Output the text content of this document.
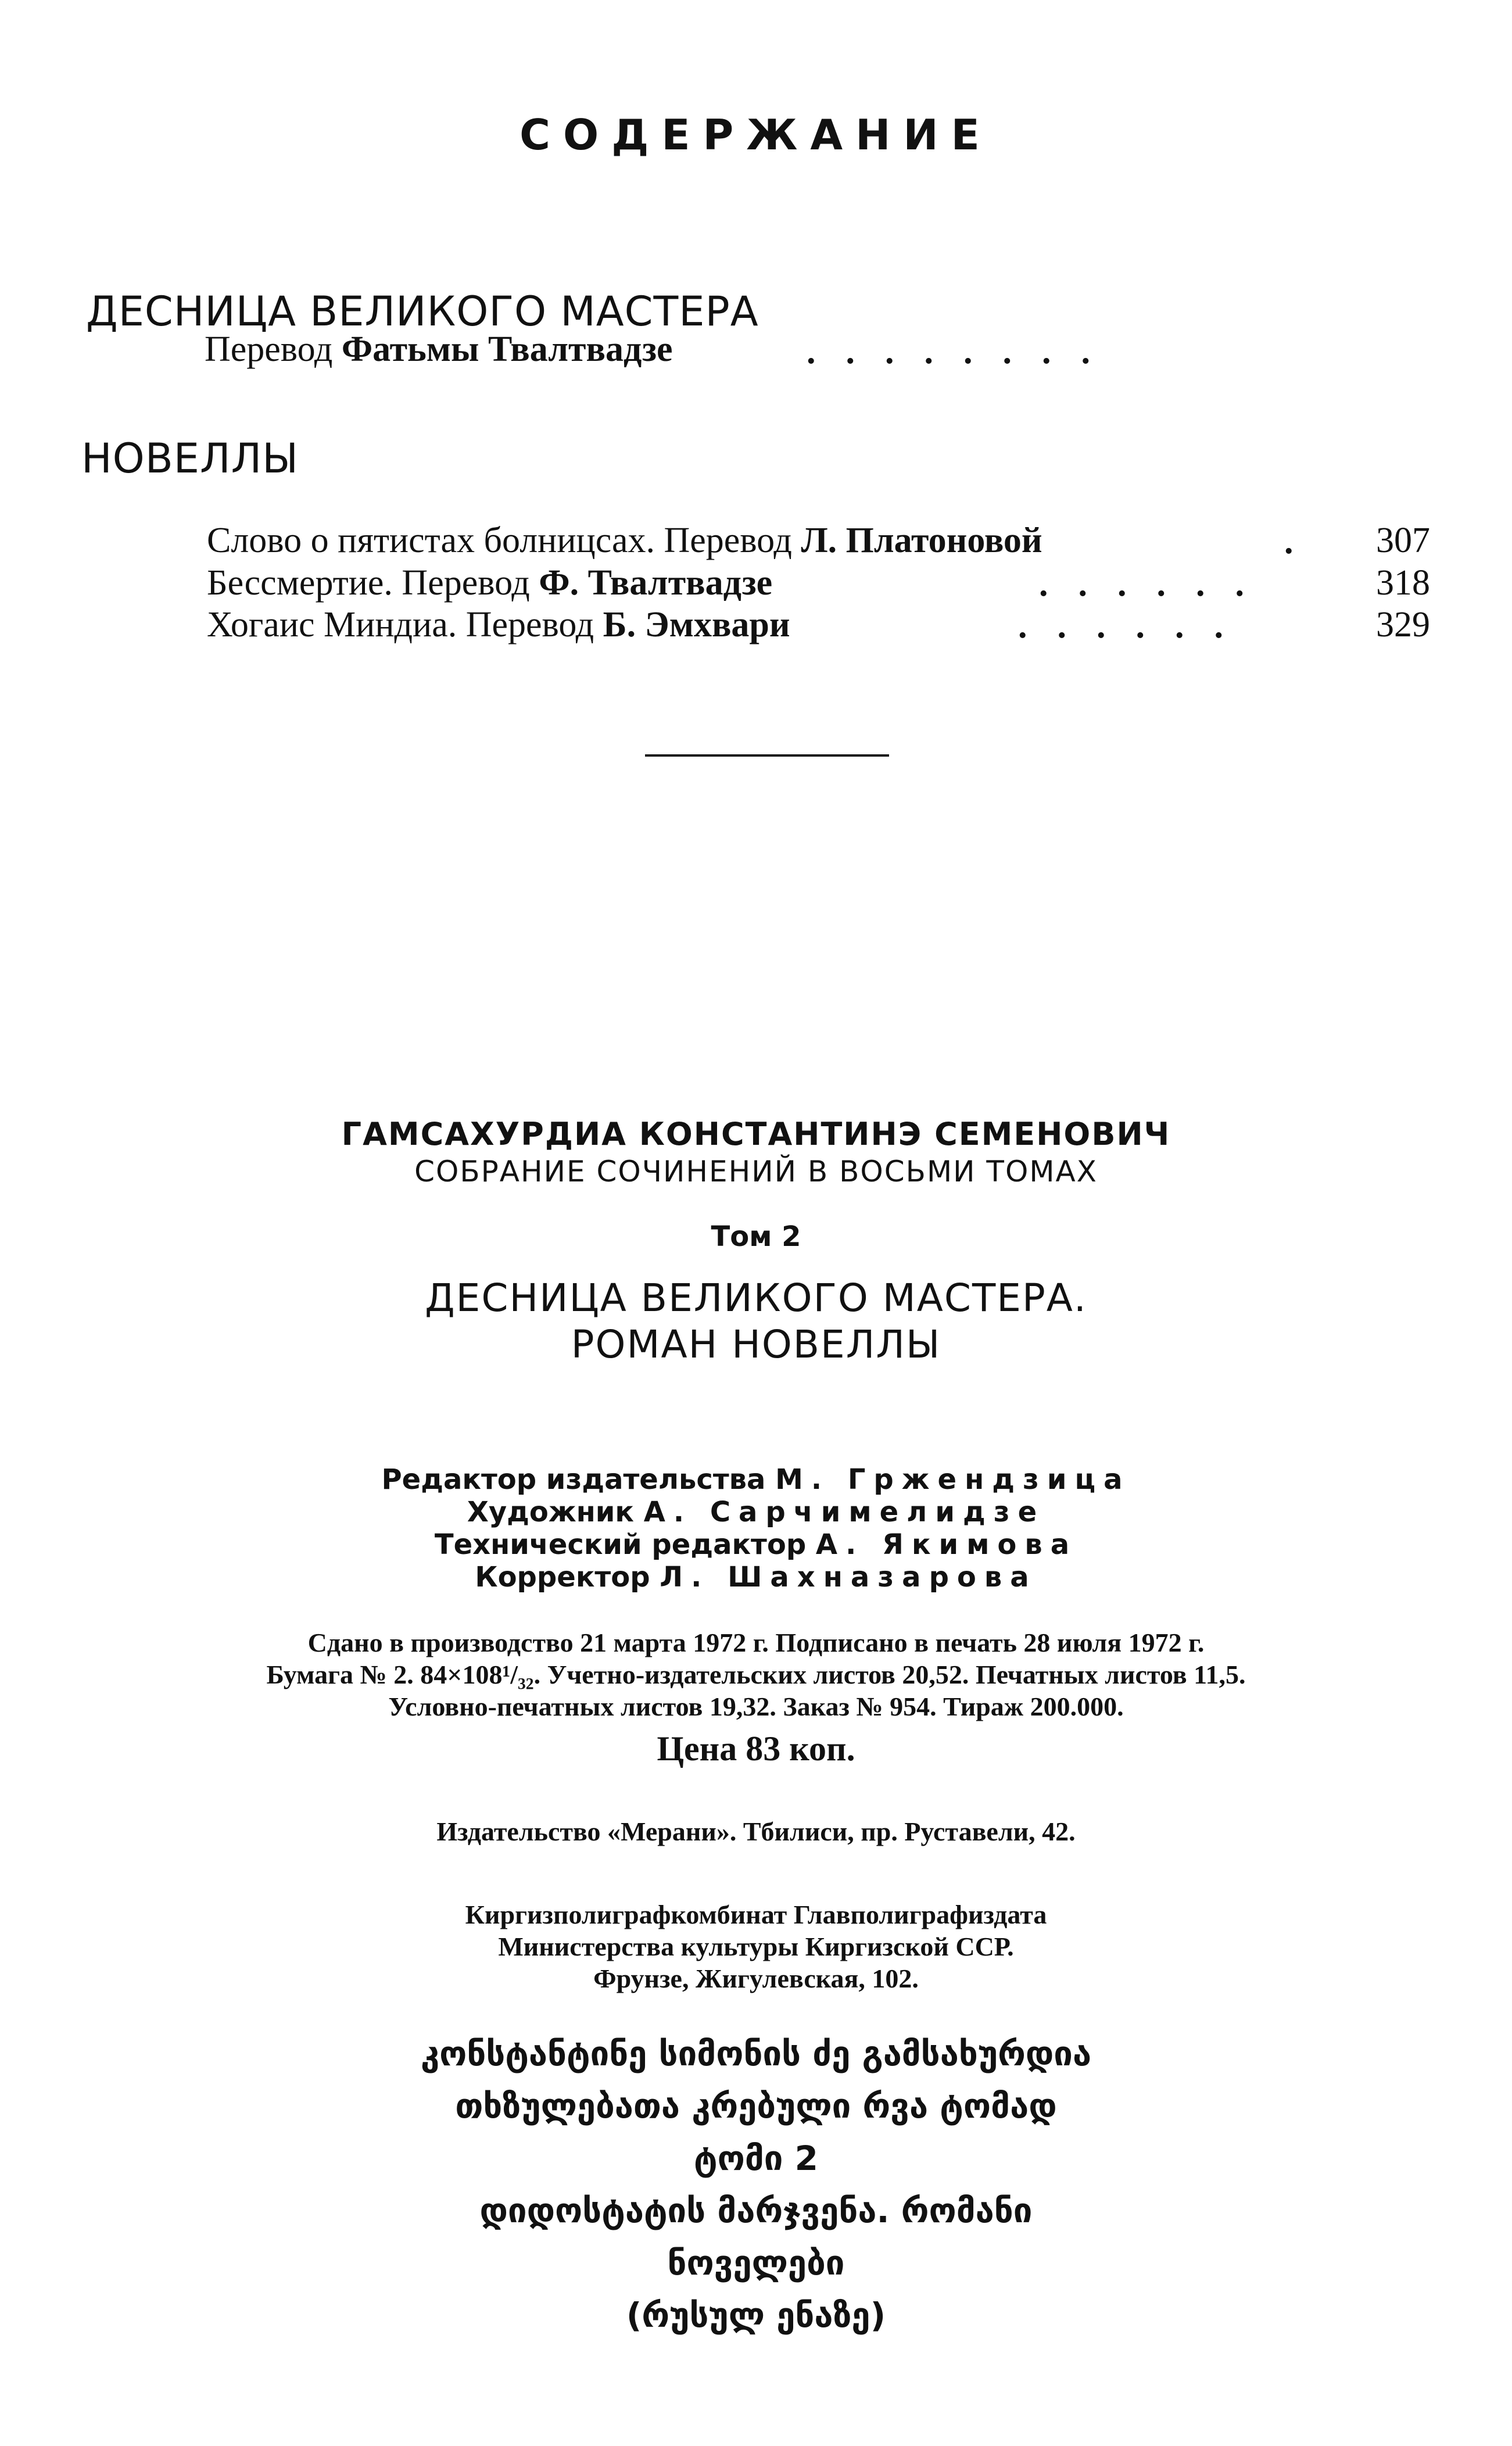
СОДЕРЖАНИЕ
ДЕСНИЦА ВЕЛИКОГО МАСТЕРА
Перевод Фатьмы Твалтвадзе	........
НОВЕЛЛЫ
Слово о пятистах болницсах. Перевод Л. Платоновой	. 307
Бессмертие. Перевод Ф. Твалтвадзе	......	318
Хогаис Миндиа. Перевод Б. Эмхвари	......	329
ГАМСАХУРДИА КОНСТАНТИНЭ СЕМЕНОВИЧ
СОБРАНИЕ СОЧИНЕНИЙ В ВОСЬМИ ТОМАХ
Том 2
ДЕСНИЦА ВЕЛИКОГО МАСТЕРА.
РОМАН НОВЕЛЛЫ
Редактор издательства М. Гржендзица
Художник А. Сарчимелидзе
Технический редактор А. Якимова
Корректор Л. Шахназарова
Сдано в производство 21 марта 1972 г. Подписано в печать 28 июля 1972 г.
Бумага № 2. 84×108¹/₃₂. Учетно-издательских листов 20,52. Печатных листов 11,5.
Условно-печатных листов 19,32. Заказ № 954. Тираж 200.000.
Цена 83 коп.
Издательство «Мерани». Тбилиси, пр. Руставели, 42.
Киргизполиграфкомбинат Главполиграфиздата
Министерства культуры Киргизской ССР.
Фрунзе, Жигулевская, 102.
კონსტანტინე სიმონის ძე გამსახურდია
თხზულებათა კრებული რვა ტომად
ტომი 2
დიდოსტატის მარჯვენა. რომანი
ნოველები
(რუსულ ენაზე)
